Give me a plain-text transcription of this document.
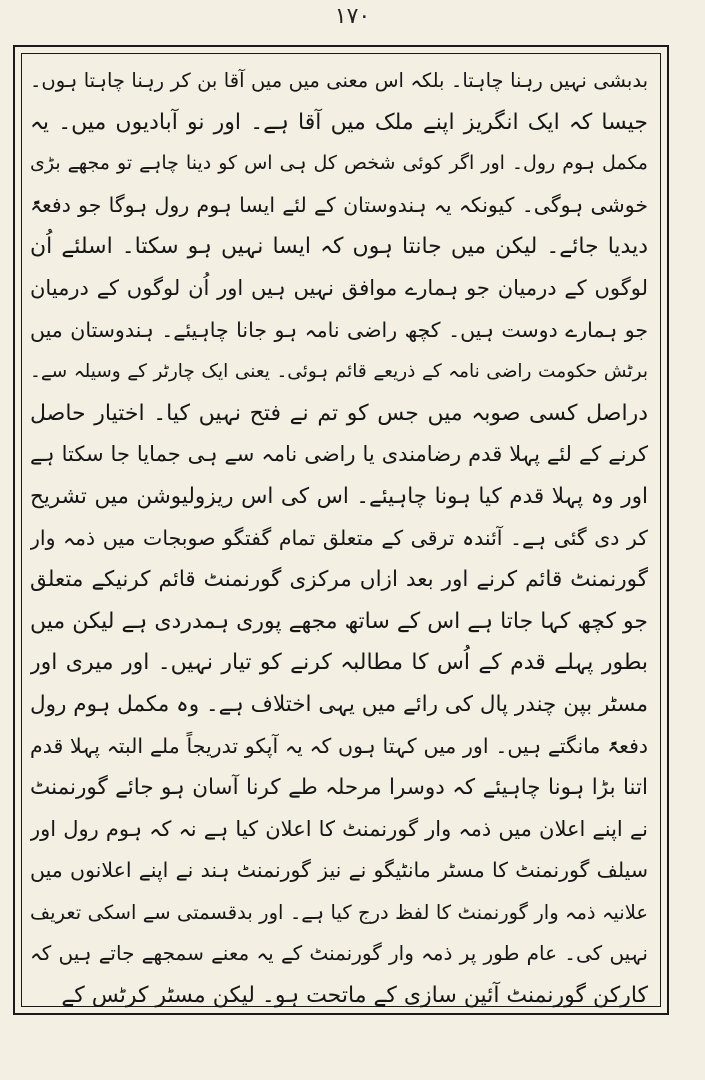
۱۷۰
بدبشی نہیں رہنا چاہتا۔ بلکہ اس معنی میں میں آقا بن کر رہنا چاہتا ہوں۔
جیسا کہ ایک انگریز اپنے ملک میں آقا ہے۔ اور نو آبادیوں میں۔ یہ
مکمل ہوم رول۔ اور اگر کوئی شخص کل ہی اس کو دینا چاہے تو مجھے بڑی
خوشی ہوگی۔ کیونکہ یہ ہندوستان کے لئے ایسا ہوم رول ہوگا جو دفعۃً
دیدیا جائے۔ لیکن میں جانتا ہوں کہ ایسا نہیں ہو سکتا۔ اسلئے اُن
لوگوں کے درمیان جو ہمارے موافق نہیں ہیں اور اُن لوگوں کے درمیان
جو ہمارے دوست ہیں۔ کچھ راضی نامہ ہو جانا چاہیئے۔ ہندوستان میں
برٹش حکومت راضی نامہ کے ذریعے قائم ہوئی۔ یعنی ایک چارٹر کے وسیلہ سے۔
دراصل کسی صوبہ میں جس کو تم نے فتح نہیں کیا۔ اختیار حاصل
کرنے کے لئے پہلا قدم رضامندی یا راضی نامہ سے ہی جمایا جا سکتا ہے
اور وہ پہلا قدم کیا ہونا چاہیئے۔ اس کی اس ریزولیوشن میں تشریح
کر دی گئی ہے۔ آئندہ ترقی کے متعلق تمام گفتگو صوبجات میں ذمہ وار
گورنمنٹ قائم کرنے اور بعد ازاں مرکزی گورنمنٹ قائم کرنیکے متعلق
جو کچھ کہا جاتا ہے اس کے ساتھ مجھے پوری ہمدردی ہے لیکن میں
بطور پہلے قدم کے اُس کا مطالبہ کرنے کو تیار نہیں۔ اور میری اور
مسٹر بپن چندر پال کی رائے میں یہی اختلاف ہے۔ وہ مکمل ہوم رول
دفعۃً مانگتے ہیں۔ اور میں کہتا ہوں کہ یہ آپکو تدریجاً ملے البتہ پہلا قدم
اتنا بڑا ہونا چاہیئے کہ دوسرا مرحلہ طے کرنا آسان ہو جائے گورنمنٹ
نے اپنے اعلان میں ذمہ وار گورنمنٹ کا اعلان کیا ہے نہ کہ ہوم رول اور
سیلف گورنمنٹ کا مسٹر مانٹیگو نے نیز گورنمنٹ ہند نے اپنے اعلانوں میں
علانیہ ذمہ وار گورنمنٹ کا لفظ درج کیا ہے۔ اور بدقسمتی سے اسکی تعریف
نہیں کی۔ عام طور پر ذمہ وار گورنمنٹ کے یہ معنے سمجھے جاتے ہیں کہ
کارکن گورنمنٹ آئین سازی کے ماتحت ہو۔ لیکن مسٹر کرٹس کے
